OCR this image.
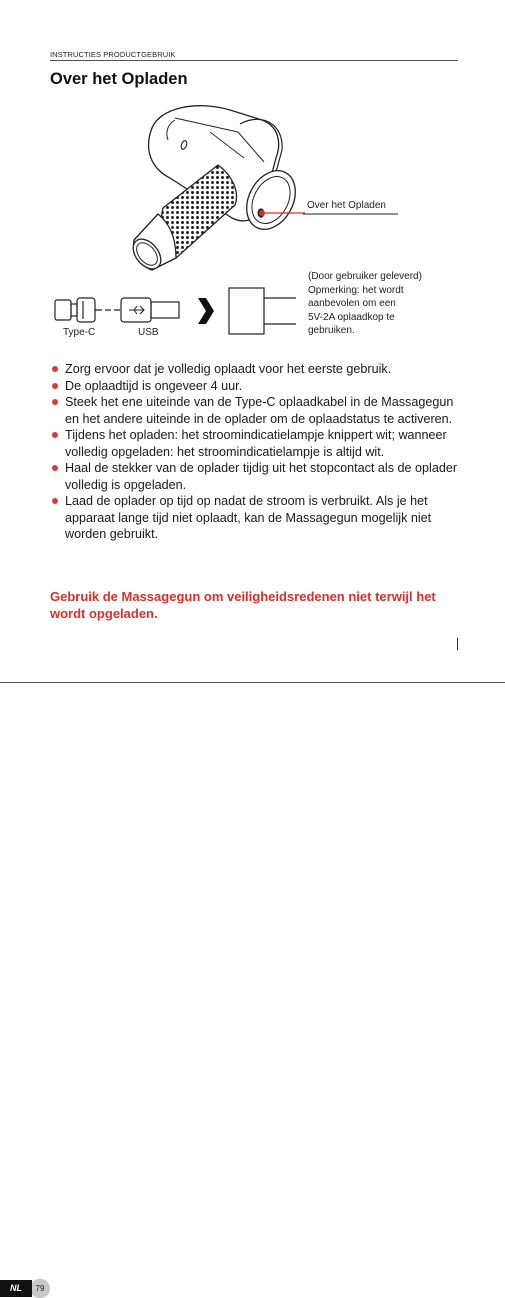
INSTRUCTIES PRODUCTGEBRUIK
Over het Opladen
Over het Opladen
(Door gebruiker geleverd)
Opmerking: het wordt
aanbevolen om een
5V-2A oplaadkop te
gebruiken.
Type-C	USB
Zorg ervoor dat je volledig oplaadt voor het eerste gebruik.
De oplaadtijd is ongeveer 4 uur.
Steek het ene uiteinde van de Type-C oplaadkabel in de Massagegun en het andere uiteinde in de oplader om de oplaadstatus te activeren.
Tijdens het opladen: het stroomindicatielampje knippert wit; wanneer volledig opgeladen: het stroomindicatielampje is altijd wit.
Haal de stekker van de oplader tijdig uit het stopcontact als de oplader volledig is opgeladen.
Laad de oplader op tijd op nadat de stroom is verbruikt. Als je het apparaat lange tijd niet oplaadt, kan de Massagegun mogelijk niet worden gebruikt.

Gebruik de Massagegun om veiligheidsredenen niet terwijl het wordt opgeladen.

79
NL
